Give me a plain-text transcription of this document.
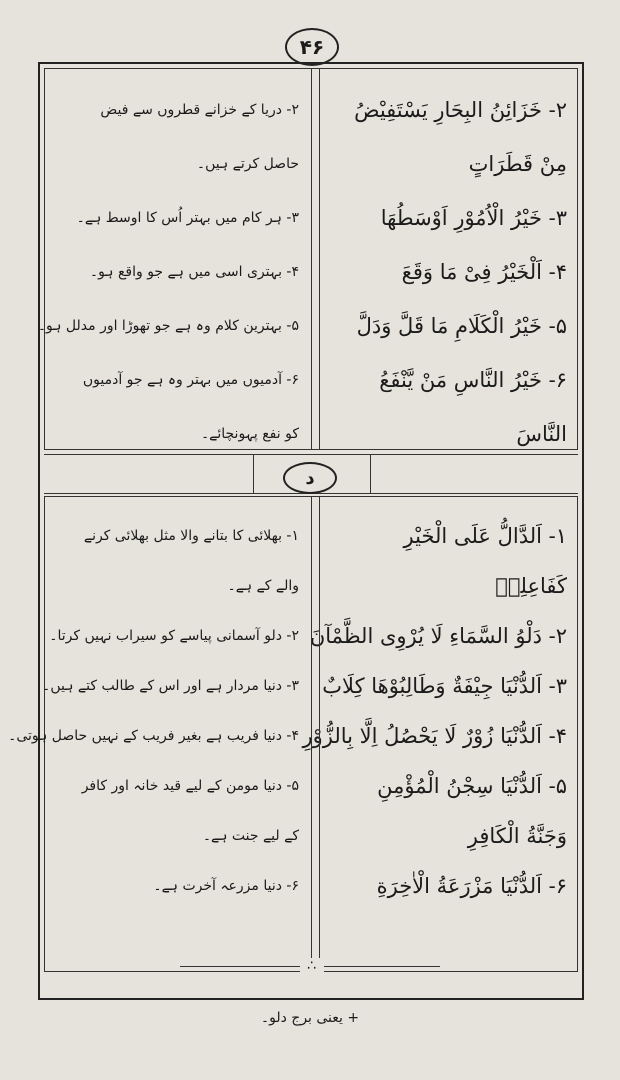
۴۶
۲- خَزَائِنُ البِحَارِ یَسْتَفِیْضُ
مِنْ قَطَرَاتٍ
۳- خَیْرُ الْاُمُوْرِ اَوْسَطُهَا
۴- اَلْخَیْرُ فِیْ مَا وَقَعَ
۵- خَیْرُ الْکَلَامِ مَا قَلَّ وَدَلَّ
۶- خَیْرُ النَّاسِ مَنْ یَّنْفَعُ
النَّاسَ
۲- دریا کے خزانے قطروں سے فیض
حاصل کرتے ہیں۔
۳- ہر کام میں بہتر اُس کا اوسط ہے۔
۴- بہتری اسی میں ہے جو واقع ہو۔
۵- بہترین کلام وہ ہے جو تھوڑا اور مدلل ہو۔
۶- آدمیوں میں بہتر وہ ہے جو آدمیوں
کو نفع پہونچائے۔
د
۱- اَلدَّالُّ عَلَی الْخَیْرِ
کَفَاعِلِهٖ
۲- دَلْوُ السَّمَاءِ لَا یُرْوِی الظَّمْآنَ
۳- اَلدُّنْیَا جِیْفَةٌ وَطَالِبُوْهَا کِلَابٌ
۴- اَلدُّنْیَا زُوْرٌ لَا یَحْصُلُ اِلَّا بِالزُّوْرِ
۵- اَلدُّنْیَا سِجْنُ الْمُؤْمِنِ
وَجَنَّةُ الْکَافِرِ
۶- اَلدُّنْیَا مَزْرَعَةُ الْاٰخِرَةِ
۱- بھلائی کا بتانے والا مثل بھلائی کرنے
والے کے ہے۔
۲- دلو آسمانی پیاسے کو سیراب نہیں کرتا۔
۳- دنیا مردار ہے اور اس کے طالب کتے ہیں۔
۴- دنیا فریب ہے بغیر فریب کے نہیں حاصل ہوتی۔
۵- دنیا مومن کے لیے قید خانہ اور کافر
کے لیے جنت ہے۔
۶- دنیا مزرعہ آخرت ہے۔
∴
+ یعنی برج دلو۔
